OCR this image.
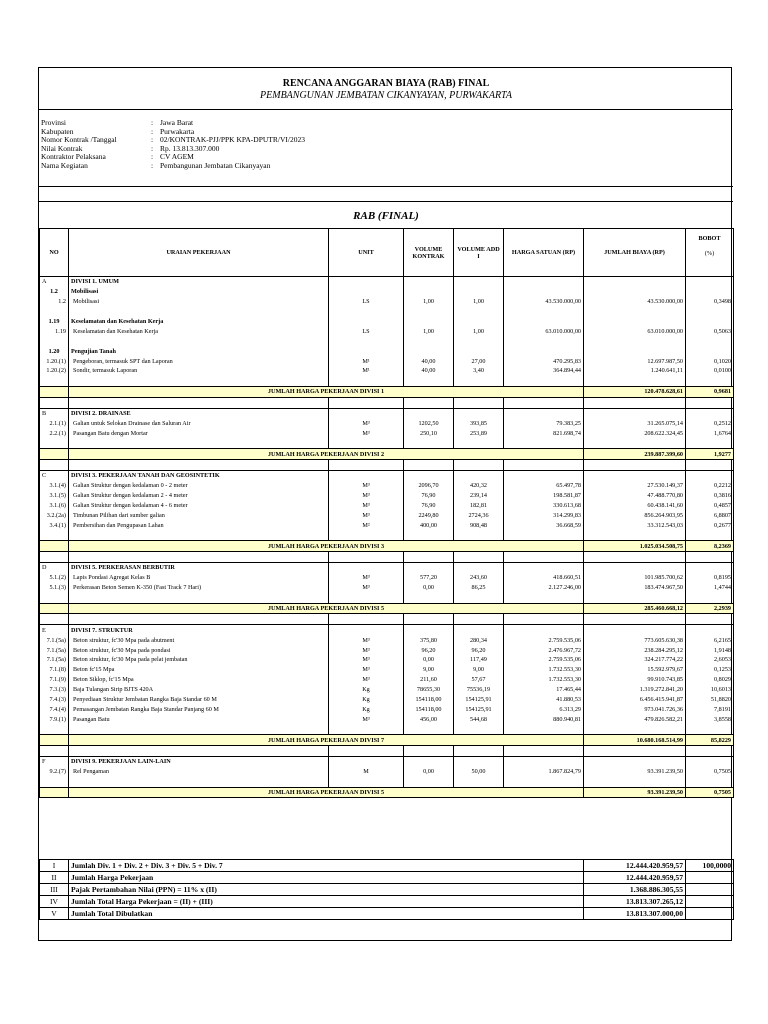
RENCANA ANGGARAN BIAYA (RAB) FINAL
PEMBANGUNAN JEMBATAN CIKANYAYAN, PURWAKARTA
Provinsi	: Jawa Barat
Kabupaten	: Purwakarta
Nomor Kontrak /Tanggal	: 02/KONTRAK-PJJ/PPK KPA-DPUTR/VI/2023
Nilai Kontrak	: Rp. 13.813.307.000
Kontraktor Pelaksana	: CV AGEM
Nama Kegiatan	: Pembangunan Jembatan Cikanyayan
RAB (FINAL)
NO	URAIAN PEKERJAAN	UNIT	VOLUME KONTRAK	VOLUME ADD I	HARGA SATUAN (RP)	JUMLAH BIAYA (RP)	BOBOT
(%)

A	DIVISI 1. UMUM						
1.2	Mobilisasi						
1.2	Mobilisasi	LS	1,00	1,00	43.530.000,00	43.530.000,00	0,3498

1.19	Keselamatan dan Kesehatan Kerja						
1.19	Keselamatan dan Kesehatan Kerja	LS	1,00	1,00	63.010.000,00	63.010.000,00	0,5063

1.20	Pengujian Tanah						
1.20.(1)	Pengeboran, termasuk SPT dan Laporan	M¹	40,00	27,00	470.295,83	12.697.987,50	0,1020
1.20.(2)	Sondir, termasuk Laporan	M¹	40,00	3,40	364.894,44	1.240.641,11	0,0100

	JUMLAH HARGA PEKERJAAN DIVISI 1					120.478.628,61	0,9681

B	DIVISI 2. DRAINASE						
2.1.(1)	Galian untuk Selokan Drainase dan Saluran Air	M³	1202,50	393,85	79.383,25	31.265.075,14	0,2512
2.2.(1)	Pasangan Batu dengan Mortar	M³	250,10	253,89	821.698,74	208.622.324,45	1,6764

	JUMLAH HARGA PEKERJAAN DIVISI 2					239.887.399,60	1,9277

C	DIVISI 3. PEKERJAAN TANAH DAN GEOSINTETIK						
3.1.(4)	Galian Struktur dengan kedalaman 0 - 2 meter	M³	2096,70	420,32	65.497,78	27.530.149,37	0,2212
3.1.(5)	Galian Struktur dengan kedalaman 2 - 4 meter	M³	76,90	239,14	198.581,87	47.488.770,80	0,3816
3.1.(6)	Galian Struktur dengan kedalaman 4 - 6 meter	M³	76,90	182,81	330.613,68	60.438.141,60	0,4857
3.2.(2a)	Timbunan Pilihan dari sumber galian	M³	2249,80	2724,36	314.299,83	856.264.903,95	6,8807
3.4.(1)	Pembersihan dan Pengupasan Lahan	M²	400,00	908,48	36.668,59	33.312.543,03	0,2677

	JUMLAH HARGA PEKERJAAN DIVISI 3					1.025.034.508,75	8,2369

D	DIVISI 5. PERKERASAN BERBUTIR						
5.1.(2)	Lapis Pondasi Agregat Kelas B	M³	577,20	243,60	418.660,51	101.985.700,62	0,8195
5.1.(3)	Perkerasan Beton Semen K-350 (Fast Track 7 Hari)	M³	0,00	86,25	2.127.246,00	183.474.967,50	1,4744

	JUMLAH HARGA PEKERJAAN DIVISI 5					285.460.668,12	2,2939

E	DIVISI 7. STRUKTUR						
7.1.(5a)	Beton struktur, fc'30 Mpa pada abutment	M³	375,80	280,34	2.759.535,06	773.605.630,38	6,2165
7.1.(5a)	Beton struktur, fc'30 Mpa pada pondasi	M³	96,20	96,20	2.476.967,72	238.284.295,12	1,9148
7.1.(5a)	Beton struktur, fc'30 Mpa pada pelat jembatan	M³	0,00	117,49	2.759.535,06	324.217.774,22	2,6053
7.1.(8)	Beton fc'15 Mpa	M³	9,00	9,00	1.732.553,30	15.592.979,67	0,1253
7.1.(9)	Beton Siklop, fc'15 Mpa	M³	211,60	57,67	1.732.553,30	99.910.743,85	0,8029
7.3.(3)	Baja Tulangan Sirip BJTS 420A	Kg	78655,30	75536,19	17.465,44	1.319.272.841,20	10,6013
7.4.(3)	Penyediaan Struktur Jembatan Rangka Baja Standar 60 M	Kg	154118,00	154125,91	41.880,53	6.456.415.941,87	51,8820
7.4.(4)	Pemasangan Jembatan Rangka Baja Standar Panjang 60 M	Kg	154118,00	154125,91	6.313,29	973.041.726,36	7,8191
7.9.(1)	Pasangan Batu	M³	456,00	544,68	880.940,81	479.826.582,21	3,8558

	JUMLAH HARGA PEKERJAAN DIVISI 7					10.680.168.514,99	85,8229

F	DIVISI 9. PEKERJAAN LAIN-LAIN						
9.2.(7)	Rel Pengaman	M	0,00	50,00	1.867.824,79	93.391.239,50	0,7505

	JUMLAH HARGA PEKERJAAN DIVISI 5					93.391.239,50	0,7505
I	Jumlah Div. 1 + Div. 2 + Div. 3 + Div. 5 + Div. 7	12.444.420.959,57	100,0000
II	Jumlah Harga Pekerjaan	12.444.420.959,57	
III	Pajak Pertambahan Nilai (PPN) = 11% x (II)	1.368.886.305,55	
IV	Jumlah Total Harga Pekerjaan = (II) + (III)	13.813.307.265,12	
V	Jumlah Total Dibulatkan	13.813.307.000,00	
